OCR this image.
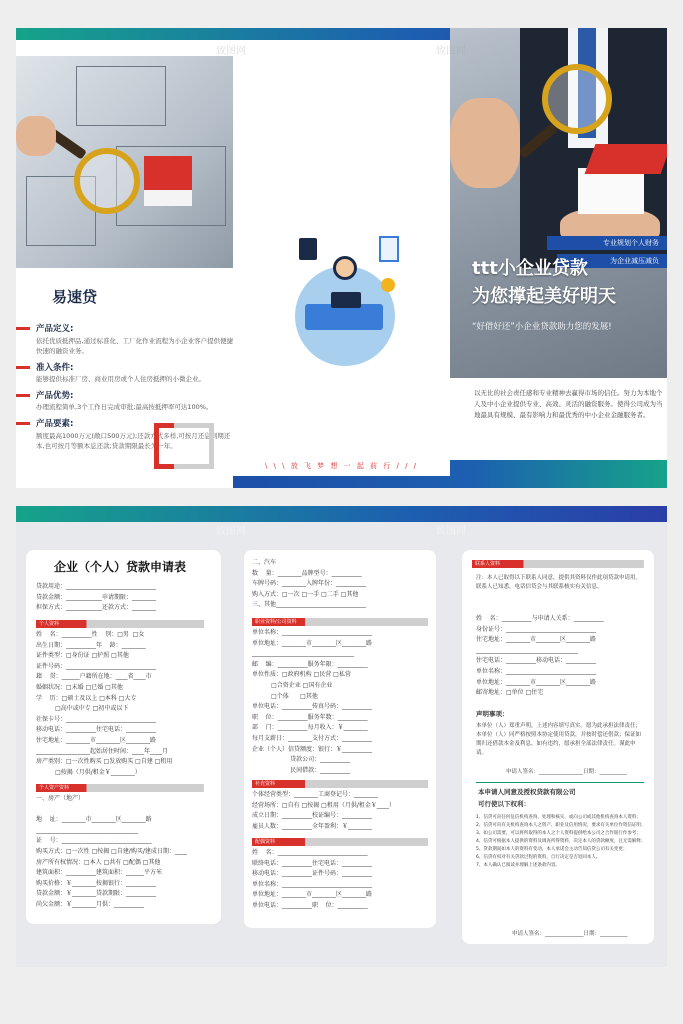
易速贷
产品定义:
依托优质抵押品,通过标准化、工厂化作业流程为小企业客户提供便捷快速的融资业务。
准入条件:
能够提供标准厂房、商业用房或个人住房抵押的小微企业。
产品优势:
办理流程简单,3个工作日完成审批;最高按抵押率可达100%。
产品要素:
额度最高1000万元(敞口500万元);还款方式多样,可按月还息到期还本,也可按月等额本息还款;贷款期限最长为一年。
\ \ \ 放 飞 梦 想 一 起 前 行 / / /
专业规划个人财务
为企业减压减负
ttt小企业贷款
为您撑起美好明天
“好借好还”小企业贷款助力您的发展!
以无比的社会责任感和专业精神去赢得市场的信任。努力为本地个人及中小企业提供专业、高效、灵活的融资服务。使得公司成为当地最具有规模、最有影响力和最优秀的中小企业金融服务者。
致图网	致图网
企业（个人）贷款申请表
贷款用途：______________________________
贷款金额：____________申请期限：________
担保方式：____________还款方式：________
个人资料
姓    名：__________性    别：□男  □女
出生日期：__________年    龄：________
证件类型：□身份证 □护照 □其他
证件号码：______________________________
籍    贯：______户籍所在地：____省____市
婚姻状况：□未婚 □已婚 □其他
学    历：□硕士及以上 □本科 □大专
□高中或中专 □初中或以下
社保卡号：______________________________
移动电话：__________住宅电话：__________
住宅地址：________市________区________路
__________________起始居住时间：____年____月
房产类别：□一次性购买 □发放购买 □自建 □租用
□按揭（月供/租金￥________）
个人资产资料
一、房产（地产）

地    址：________市________区________路
__________________________________
证    号：______________________________
购买方式：□一次性 □按揭 □自建/购买/建成日期：____
房产所有权情况：□本人 □共有 □配偶 □其他
建筑面积：__________建筑面积：______平方米
购买价格：￥________按揭银行：__________
贷款金额：￥________贷款期限：__________
尚欠金额：￥________月供：__________
二、汽车
数    量：________品牌型号：__________
车牌号码：________入牌年份：__________
购入方式：□一次 □一手 □二手 □其他
三、其他______________________________
职业资料/公司资料
单位名称：______________________________
单位地址：________市________区________路
__________________________________
邮    编：__________服务年限：__________
单位性质：□政府机构 □民营 □私营
□合资企业 □国有企业
□个体      □其他
单位电话：__________传真号码：__________
职    位：__________服务年数：__________
部    门：__________每月收入：￥________
每月支薪日：________支付方式：__________
企业（个人）信贷额度：银行：￥__________
贷款公司：__________
民间借款：__________
补充资料
个体经营类型：________工商登记号：________
经营场所：□自有 □按揭 □租用（月供/租金￥____）
成立日期：__________校证编号：__________
雇员人数：__________全年盈利：￥________
配偶资料
姓    名：______________________________
联络电话：__________住宅电话：__________
移动电话：__________证件号码：__________
单位名称：______________________________
单位地址：________市________区________路
单位电话：__________职    位：__________
联系人资料
注：本人已取得以下联系人同意，提供其资料仅作此项贷款申请用。联系人已知悉，电话信贷会与其联系核实有关信息。
姓    名：__________与申请人关系：__________
身份证号：______________________________
住宅地址：________市________区________路
__________________________________
住宅电话：__________移动电话：__________
单位名称：______________________________
单位地址：________市________区________路
邮寄地址：□单位 □住宅
声明事项：
本单位（人）郑重声明，上述内容填写真实。愿为此承担法律责任；本单位（人）同严格按照本协定使用贷款，并按时偿还借款；保证如期归还借款本金及利息，如有违约，愿承担全部法律责任。谨此申请。
申请人签名：________________日期：__________
本申请人同意及授权贷款有限公司
可行使以下权利：
1、信贷可向任何征信机构查询、处理和核实、或向公司或其他机构查询本人资料；
2、信贷可向有关机构查询本人之资产、职业及信用情况，要求有关单位作资信证明；
3、如公司需要，可以将所取得的本人之个人资料提供给本公司之合作银行作参考；
4、信贷可根据本人提供的资料及调查所得资料，决定本人的贷款额度，且无需解释；
5、贷款期间如本人的资料有变动，本人承诺会主动告知信贷公司有关变更；
6、信贷有权对有关贷款过程的资料，自行决定是否退回本人。
7、本人确认已阅读并理解上述条款内容。
申请人签名：______________日期：__________
致图网	致图网
